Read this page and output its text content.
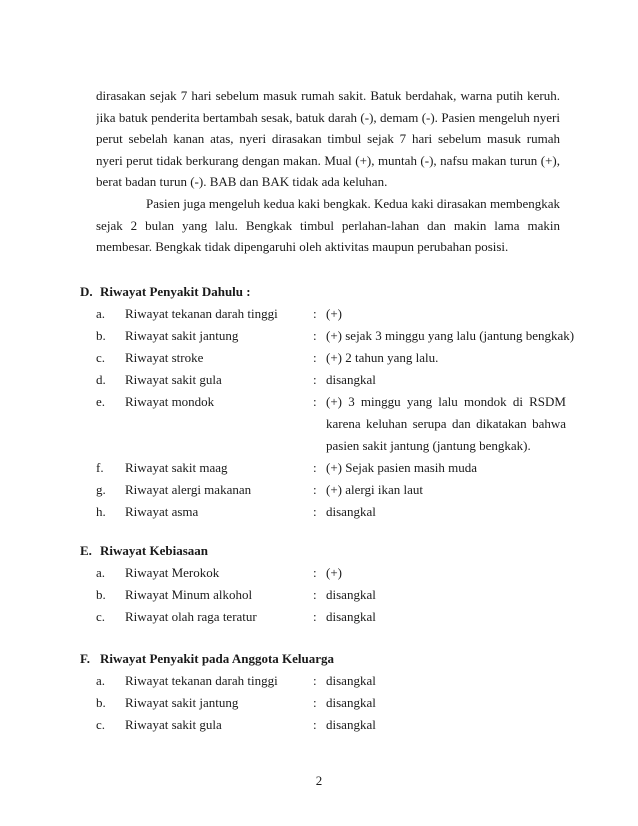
dirasakan sejak 7 hari sebelum masuk rumah sakit. Batuk berdahak, warna putih keruh.
jika batuk penderita bertambah sesak, batuk darah (-), demam (-). Pasien mengeluh nyeri
perut sebelah kanan atas, nyeri dirasakan timbul sejak 7 hari sebelum masuk rumah
nyeri perut tidak berkurang dengan makan. Mual (+), muntah (-), nafsu makan turun (+),
berat badan turun (-). BAB dan BAK tidak ada keluhan.
Pasien juga mengeluh kedua kaki bengkak. Kedua kaki dirasakan membengkak
sejak 2 bulan yang lalu. Bengkak timbul perlahan-lahan dan makin lama makin
membesar. Bengkak tidak dipengaruhi oleh aktivitas maupun perubahan posisi.
D. Riwayat Penyakit Dahulu :
a. Riwayat tekanan darah tinggi	: (+)
b. Riwayat sakit jantung	: (+) sejak 3 minggu yang lalu (jantung bengkak)
c. Riwayat stroke	: (+) 2 tahun yang lalu.
d. Riwayat sakit gula	: disangkal
e. Riwayat mondok	: (+) 3 minggu yang lalu mondok di RSDM
karena keluhan serupa dan dikatakan bahwa
pasien sakit jantung (jantung bengkak).
f. Riwayat sakit maag	: (+) Sejak pasien masih muda
g. Riwayat alergi makanan	: (+) alergi ikan laut
h. Riwayat asma	: disangkal
E. Riwayat Kebiasaan
a. Riwayat Merokok	: (+)
b. Riwayat Minum alkohol	: disangkal
c. Riwayat olah raga teratur	: disangkal
F. Riwayat Penyakit pada Anggota Keluarga
a. Riwayat tekanan darah tinggi	: disangkal
b. Riwayat sakit jantung	: disangkal
c. Riwayat sakit gula	: disangkal
2
